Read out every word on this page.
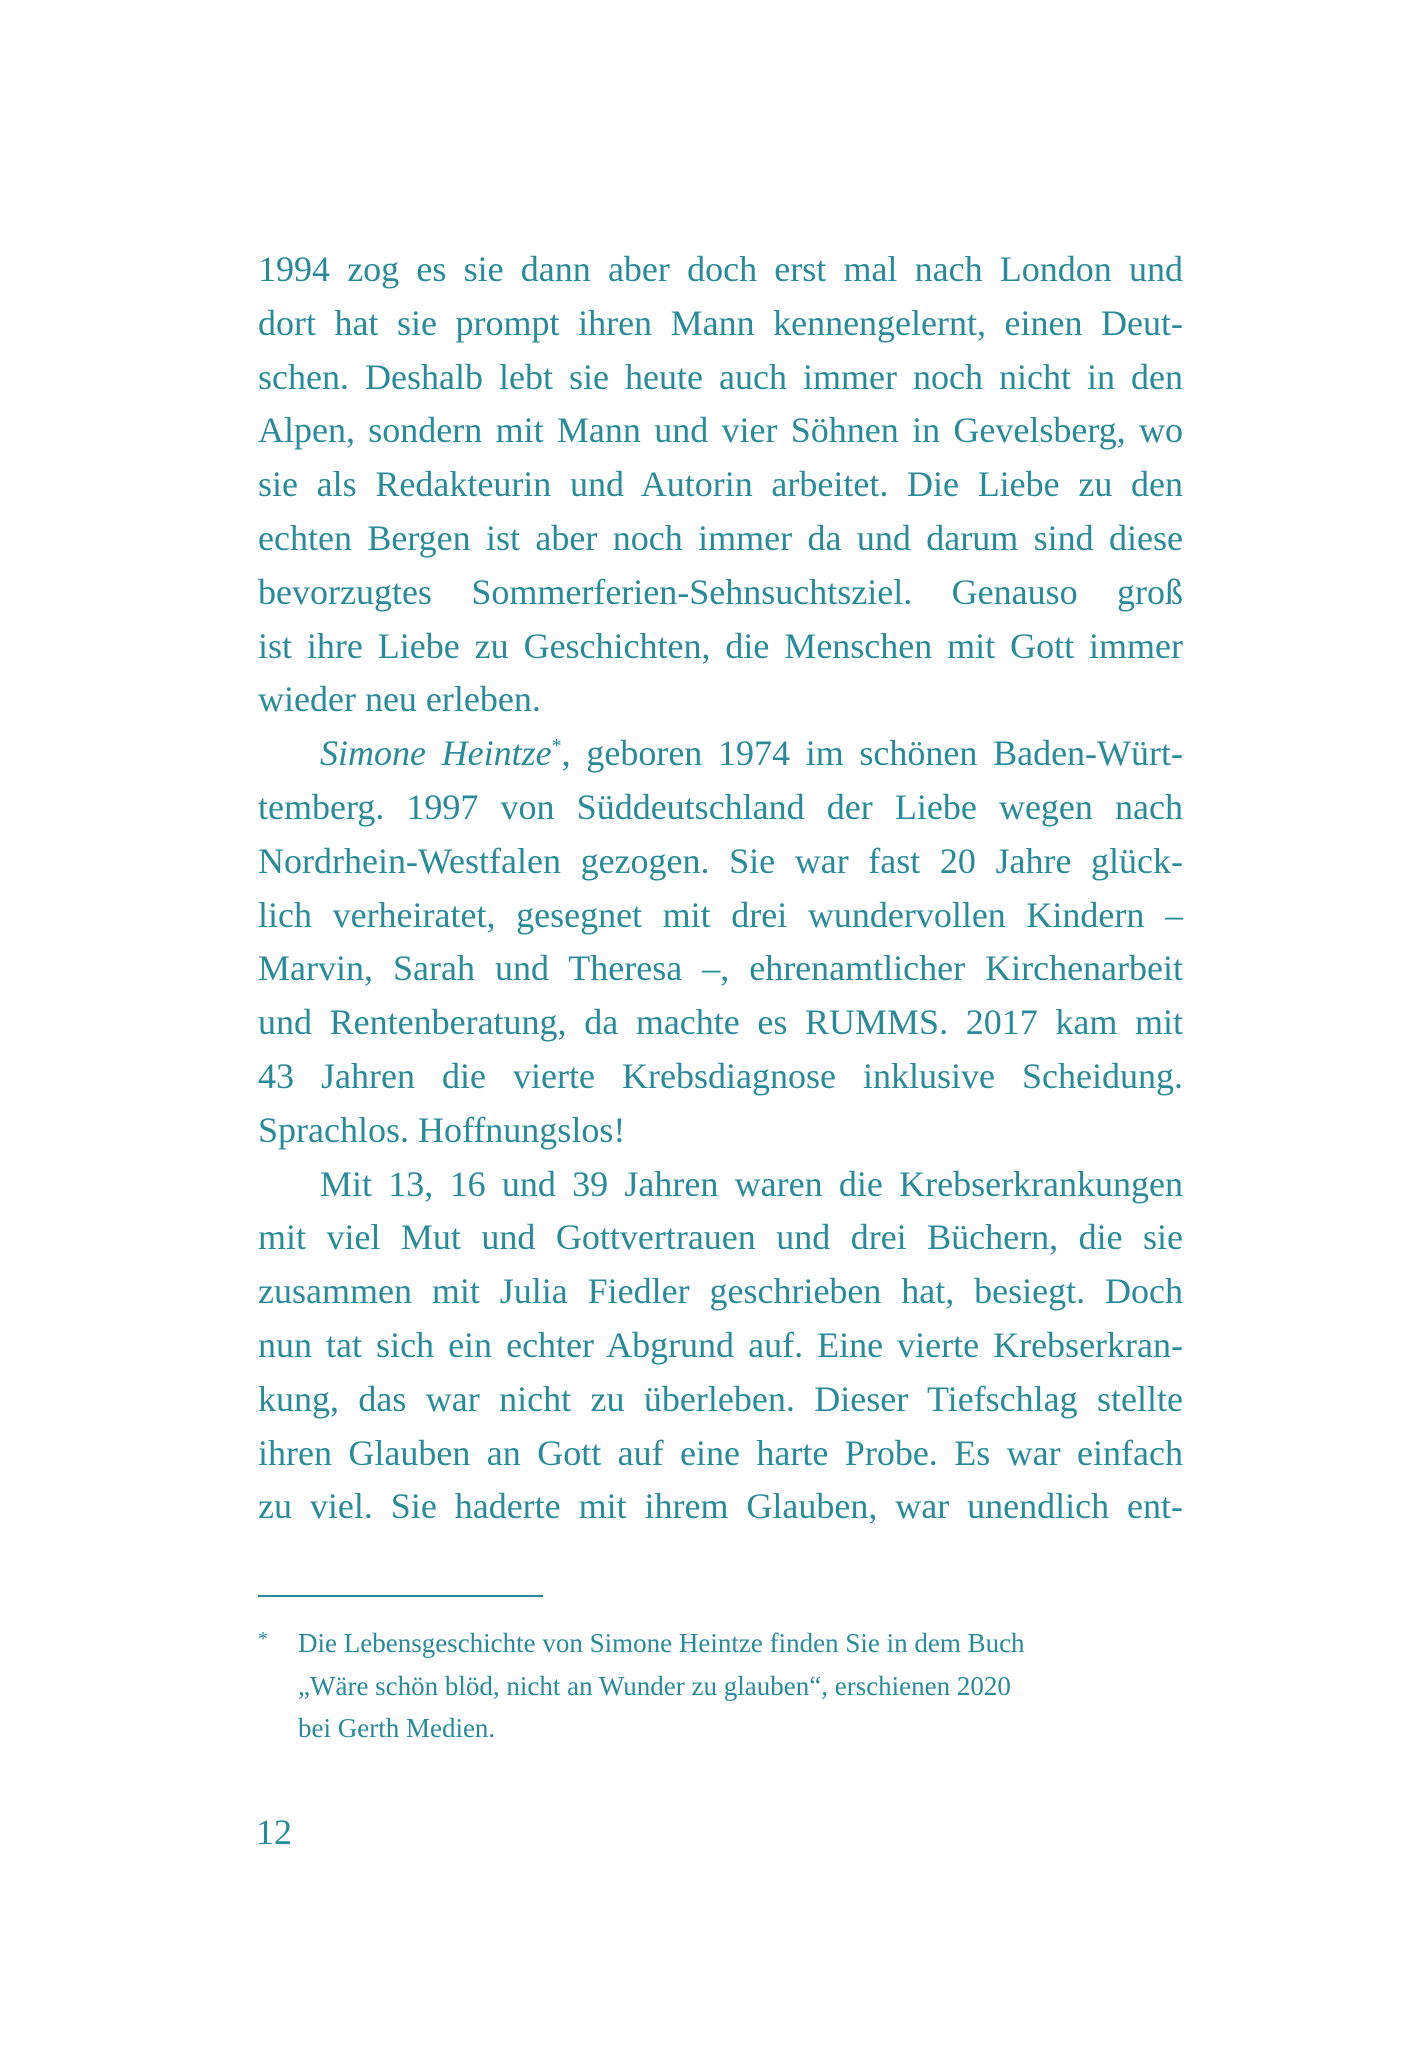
1994 zog es sie dann aber doch erst mal nach London und
dort hat sie prompt ihren Mann kennengelernt, einen Deut-
schen. Deshalb lebt sie heute auch immer noch nicht in den
Alpen, sondern mit Mann und vier Söhnen in Gevelsberg, wo
sie als Redakteurin und Autorin arbeitet. Die Liebe zu den
echten Bergen ist aber noch immer da und darum sind diese
bevorzugtes Sommerferien-Sehnsuchtsziel. Genauso groß
ist ihre Liebe zu Geschichten, die Menschen mit Gott immer
wieder neu erleben.
Simone Heintze*, geboren 1974 im schönen Baden-Würt-
temberg. 1997 von Süddeutschland der Liebe wegen nach
Nordrhein-Westfalen gezogen. Sie war fast 20 Jahre glück-
lich verheiratet, gesegnet mit drei wundervollen Kindern –
Marvin, Sarah und Theresa –, ehrenamtlicher Kirchenarbeit
und Rentenberatung, da machte es RUMMS. 2017 kam mit
43 Jahren die vierte Krebsdiagnose inklusive Scheidung.
Sprachlos. Hoffnungslos!
Mit 13, 16 und 39 Jahren waren die Krebserkrankungen
mit viel Mut und Gottvertrauen und drei Büchern, die sie
zusammen mit Julia Fiedler geschrieben hat, besiegt. Doch
nun tat sich ein echter Abgrund auf. Eine vierte Krebserkran-
kung, das war nicht zu überleben. Dieser Tiefschlag stellte
ihren Glauben an Gott auf eine harte Probe. Es war einfach
zu viel. Sie haderte mit ihrem Glauben, war unendlich ent-
* Die Lebensgeschichte von Simone Heintze finden Sie in dem Buch
„Wäre schön blöd, nicht an Wunder zu glauben“, erschienen 2020
bei Gerth Medien.
12
